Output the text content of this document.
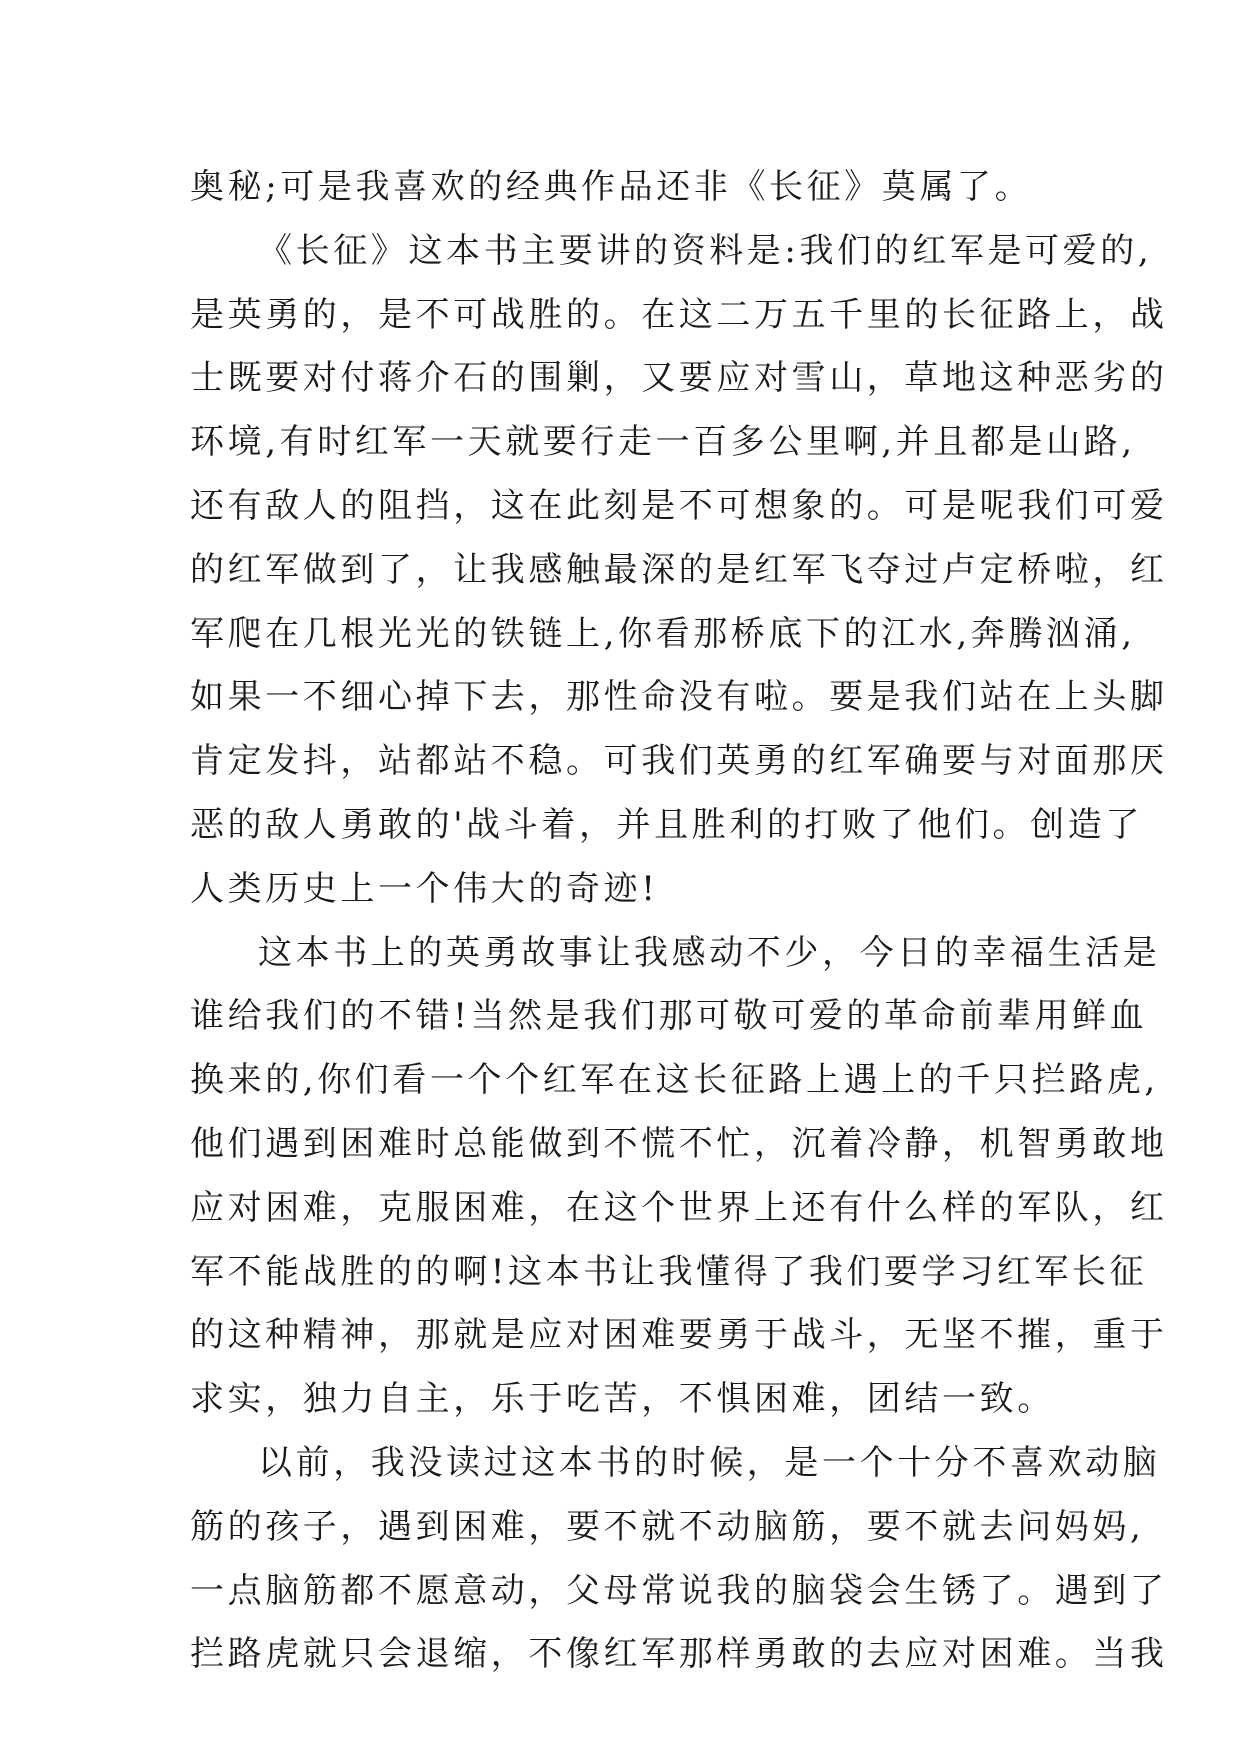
奥秘;可是我喜欢的经典作品还非《长征》莫属了。

《长征》这本书主要讲的资料是:我们的红军是可爱的,

是英勇的，是不可战胜的。在这二万五千里的长征路上，战

士既要对付蒋介石的围剿，又要应对雪山，草地这种恶劣的

环境,有时红军一天就要行走一百多公里啊,并且都是山路,

还有敌人的阻挡，这在此刻是不可想象的。可是呢我们可爱

的红军做到了，让我感触最深的是红军飞夺过卢定桥啦，红

军爬在几根光光的铁链上,你看那桥底下的江水,奔腾汹涌,

如果一不细心掉下去，那性命没有啦。要是我们站在上头脚

肯定发抖，站都站不稳。可我们英勇的红军确要与对面那厌

恶的敌人勇敢的'战斗着，并且胜利的打败了他们。创造了

人类历史上一个伟大的奇迹!

这本书上的英勇故事让我感动不少，今日的幸福生活是

谁给我们的不错!当然是我们那可敬可爱的革命前辈用鲜血

换来的,你们看一个个红军在这长征路上遇上的千只拦路虎,

他们遇到困难时总能做到不慌不忙，沉着冷静，机智勇敢地

应对困难，克服困难，在这个世界上还有什么样的军队，红

军不能战胜的的啊!这本书让我懂得了我们要学习红军长征

的这种精神，那就是应对困难要勇于战斗，无坚不摧，重于

求实，独力自主，乐于吃苦，不惧困难，团结一致。

以前，我没读过这本书的时候，是一个十分不喜欢动脑

筋的孩子，遇到困难，要不就不动脑筋，要不就去问妈妈,

一点脑筋都不愿意动，父母常说我的脑袋会生锈了。遇到了

拦路虎就只会退缩，不像红军那样勇敢的去应对困难。当我
